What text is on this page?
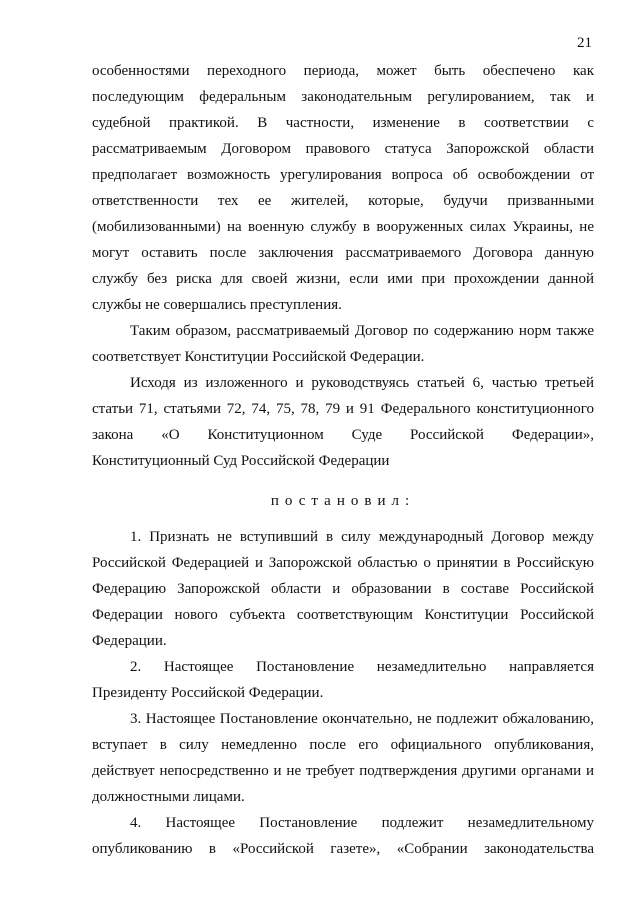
21
особенностями переходного периода, может быть обеспечено как
последующим федеральным законодательным регулированием, так и
судебной практикой. В частности, изменение в соответствии с
рассматриваемым Договором правового статуса Запорожской области
предполагает возможность урегулирования вопроса об освобождении от
ответственности тех ее жителей, которые, будучи призванными
(мобилизованными) на военную службу в вооруженных силах Украины, не
могут оставить после заключения рассматриваемого Договора данную
службу без риска для своей жизни, если ими при прохождении данной
службы не совершались преступления.
Таким образом, рассматриваемый Договор по содержанию норм также
соответствует Конституции Российской Федерации.
Исходя из изложенного и руководствуясь статьей 6, частью третьей
статьи 71, статьями 72, 74, 75, 78, 79 и 91 Федерального конституционного
закона «О Конституционном Суде Российской Федерации»,
Конституционный Суд Российской Федерации
постановил:
1. Признать не вступивший в силу международный Договор между
Российской Федерацией и Запорожской областью о принятии в Российскую
Федерацию Запорожской области и образовании в составе Российской
Федерации нового субъекта соответствующим Конституции Российской
Федерации.
2. Настоящее Постановление незамедлительно направляется
Президенту Российской Федерации.
3. Настоящее Постановление окончательно, не подлежит обжалованию,
вступает в силу немедленно после его официального опубликования,
действует непосредственно и не требует подтверждения другими органами и
должностными лицами.
4. Настоящее Постановление подлежит незамедлительному
опубликованию в «Российской газете», «Собрании законодательства
